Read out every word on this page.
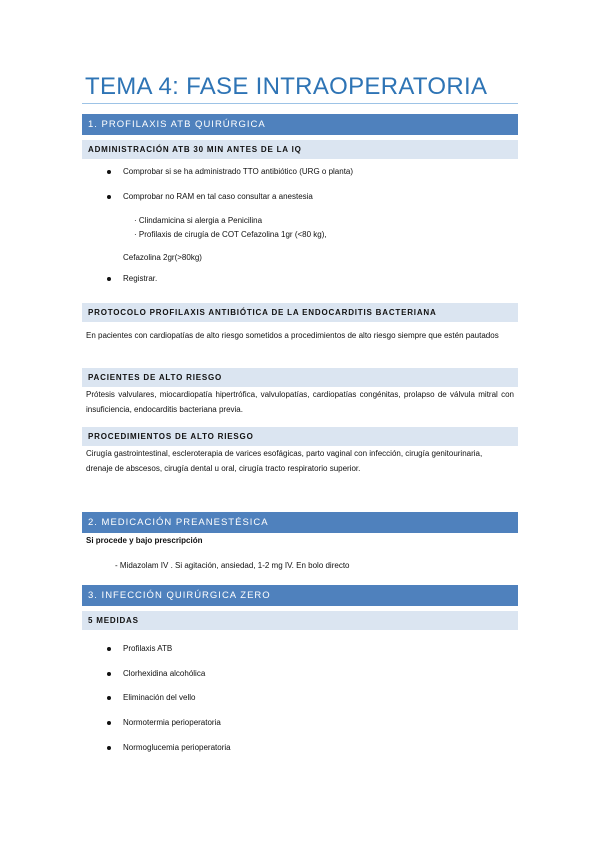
TEMA 4: FASE INTRAOPERATORIA
1. PROFILAXIS ATB QUIRÚRGICA
ADMINISTRACIÓN ATB 30 MIN ANTES DE LA IQ
Comprobar si se ha administrado TTO antibiótico (URG o planta)
Comprobar no RAM en tal caso consultar a anestesia
· Clindamicina si alergia a Penicilina
· Profilaxis de cirugía de COT Cefazolina 1gr (<80 kg),
Cefazolina 2gr(>80kg)
Registrar.
PROTOCOLO PROFILAXIS ANTIBIÓTICA DE LA ENDOCARDITIS BACTERIANA
En pacientes con cardiopatías de alto riesgo sometidos a procedimientos de alto riesgo siempre que estén pautados
PACIENTES DE ALTO RIESGO
Prótesis valvulares, miocardiopatía hipertrófica, valvulopatías, cardiopatías congénitas, prolapso de válvula mitral con insuficiencia, endocarditis bacteriana previa.
PROCEDIMIENTOS DE ALTO RIESGO
Cirugía gastrointestinal, escleroterapia de varices esofágicas, parto vaginal con infección, cirugía genitourinaria, drenaje de abscesos, cirugía dental u oral, cirugía tracto respiratorio superior.
2. MEDICACIÓN PREANESTÉSICA
Si procede y bajo prescripción
- Midazolam IV . Si agitación, ansiedad, 1-2 mg IV. En bolo directo
3. INFECCIÓN QUIRÚRGICA ZERO
5 MEDIDAS
Profilaxis ATB
Clorhexidina alcohólica
Eliminación del vello
Normotermia perioperatoria
Normoglucemia perioperatoria
